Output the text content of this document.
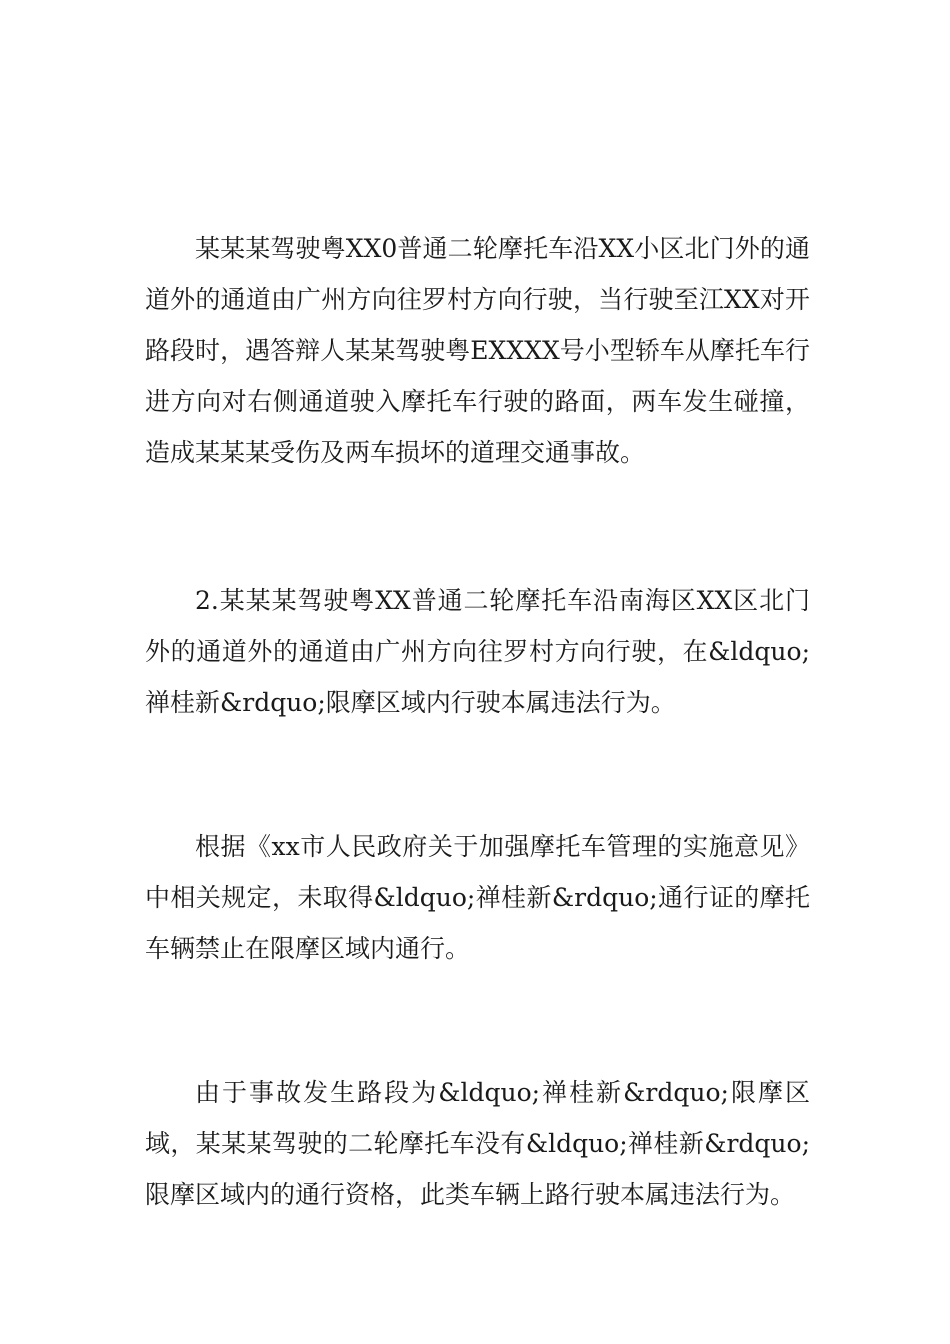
某某某驾驶粤XX0普通二轮摩托车沿XX小区北门外的通道外的通道由广州方向往罗村方向行驶，当行驶至江XX对开路段时，遇答辩人某某驾驶粤EXXXX号小型轿车从摩托车行进方向对右侧通道驶入摩托车行驶的路面，两车发生碰撞，造成某某某受伤及两车损坏的道理交通事故。

2.某某某驾驶粤XX普通二轮摩托车沿南海区XX区北门外的通道外的通道由广州方向往罗村方向行驶，在&ldquo;禅桂新&rdquo;限摩区域内行驶本属违法行为。

根据《xx市人民政府关于加强摩托车管理的实施意见》中相关规定，未取得&ldquo;禅桂新&rdquo;通行证的摩托车辆禁止在限摩区域内通行。

由于事故发生路段为&ldquo;禅桂新&rdquo;限摩区域，某某某驾驶的二轮摩托车没有&ldquo;禅桂新&rdquo;限摩区域内的通行资格，此类车辆上路行驶本属违法行为。
